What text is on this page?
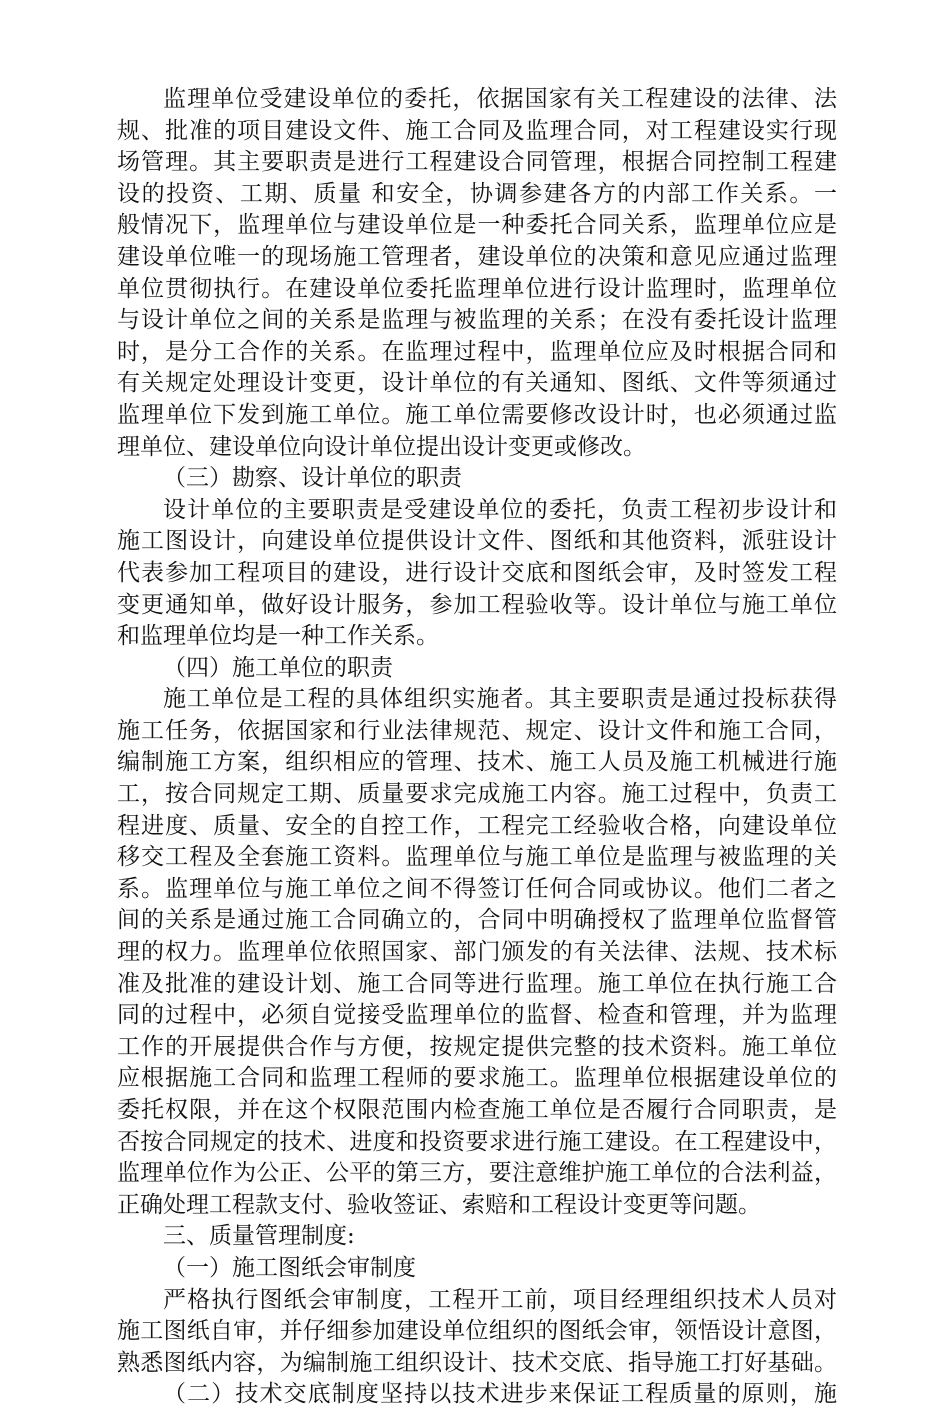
监理单位受建设单位的委托，依据国家有关工程建设的法律、法
规、批准的项目建设文件、施工合同及监理合同，对工程建设实行现
场管理。其主要职责是进行工程建设合同管理，根据合同控制工程建
设的投资、工期、质量 和安全，协调参建各方的内部工作关系。一
般情况下，监理单位与建设单位是一种委托合同关系，监理单位应是
建设单位唯一的现场施工管理者，建设单位的决策和意见应通过监理
单位贯彻执行。在建设单位委托监理单位进行设计监理时，监理单位
与设计单位之间的关系是监理与被监理的关系；在没有委托设计监理
时，是分工合作的关系。在监理过程中，监理单位应及时根据合同和
有关规定处理设计变更，设计单位的有关通知、图纸、文件等须通过
监理单位下发到施工单位。施工单位需要修改设计时，也必须通过监
理单位、建设单位向设计单位提出设计变更或修改。
（三）勘察、设计单位的职责
设计单位的主要职责是受建设单位的委托，负责工程初步设计和
施工图设计，向建设单位提供设计文件、图纸和其他资料，派驻设计
代表参加工程项目的建设，进行设计交底和图纸会审，及时签发工程
变更通知单，做好设计服务，参加工程验收等。设计单位与施工单位
和监理单位均是一种工作关系。
（四）施工单位的职责
施工单位是工程的具体组织实施者。其主要职责是通过投标获得
施工任务，依据国家和行业法律规范、规定、设计文件和施工合同，
编制施工方案，组织相应的管理、技术、施工人员及施工机械进行施
工，按合同规定工期、质量要求完成施工内容。施工过程中，负责工
程进度、质量、安全的自控工作，工程完工经验收合格，向建设单位
移交工程及全套施工资料。监理单位与施工单位是监理与被监理的关
系。监理单位与施工单位之间不得签订任何合同或协议。他们二者之
间的关系是通过施工合同确立的，合同中明确授权了监理单位监督管
理的权力。监理单位依照国家、部门颁发的有关法律、法规、技术标
准及批准的建设计划、施工合同等进行监理。施工单位在执行施工合
同的过程中，必须自觉接受监理单位的监督、检查和管理，并为监理
工作的开展提供合作与方便，按规定提供完整的技术资料。施工单位
应根据施工合同和监理工程师的要求施工。监理单位根据建设单位的
委托权限，并在这个权限范围内检查施工单位是否履行合同职责，是
否按合同规定的技术、进度和投资要求进行施工建设。在工程建设中，
监理单位作为公正、公平的第三方，要注意维护施工单位的合法利益，
正确处理工程款支付、验收签证、索赔和工程设计变更等问题。
三、质量管理制度:
（一）施工图纸会审制度
严格执行图纸会审制度，工程开工前，项目经理组织技术人员对
施工图纸自审，并仔细参加建设单位组织的图纸会审，领悟设计意图，
熟悉图纸内容，为编制施工组织设计、技术交底、指导施工打好基础。
（二）技术交底制度坚持以技术进步来保证工程质量的原则，施
